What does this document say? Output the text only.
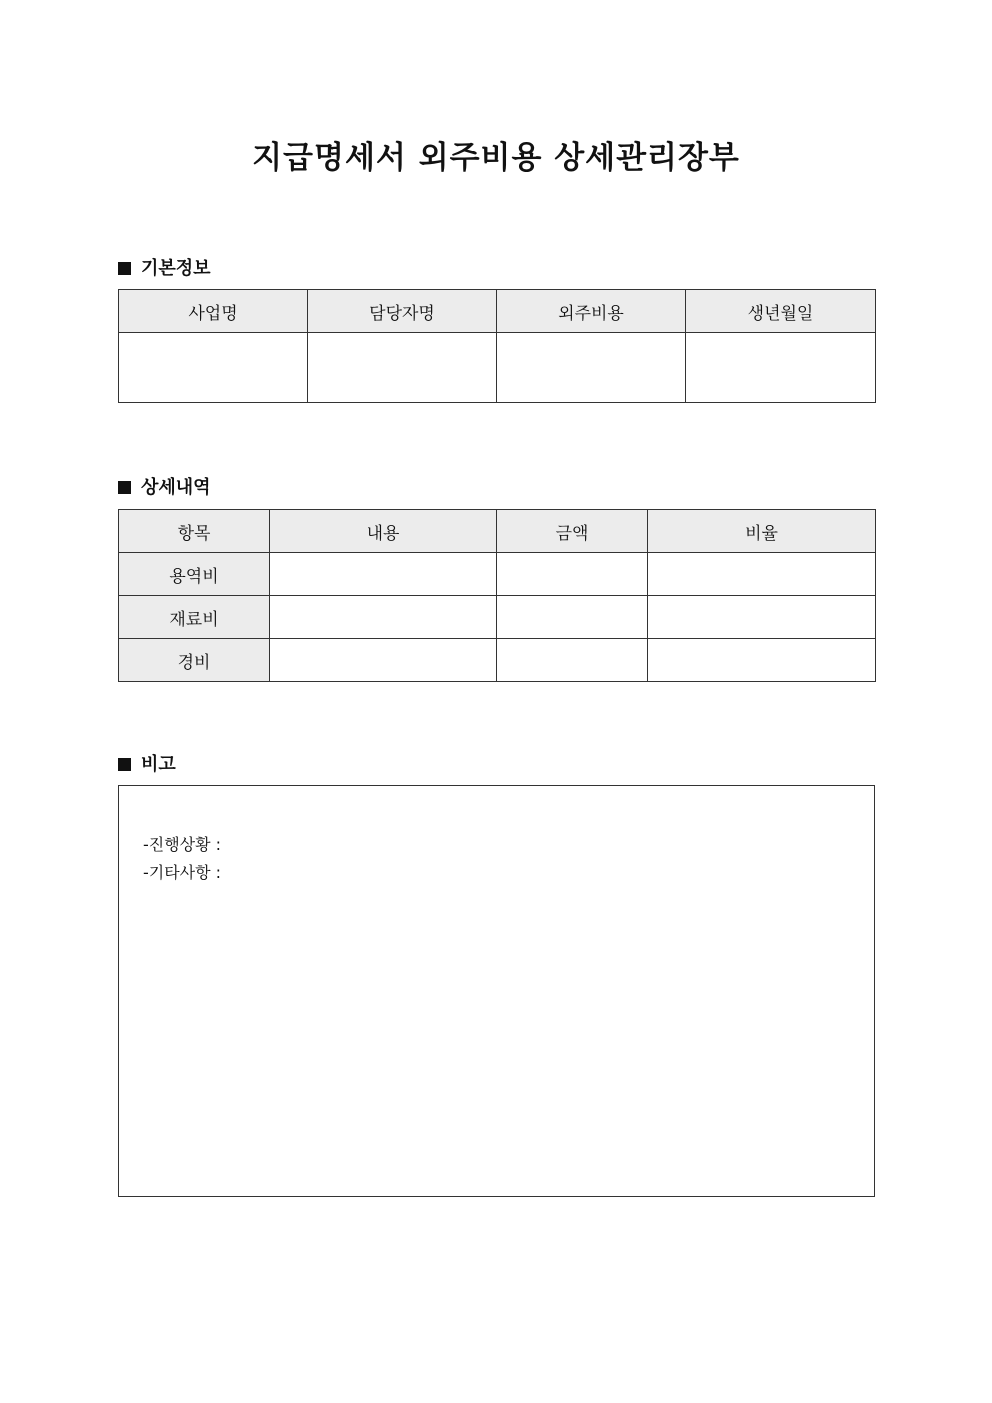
지급명세서 외주비용 상세관리장부
기본정보
사업명	담당자명	외주비용	생년월일

상세내역
항목	내용	금액	비율
용역비			
재료비			
경비			
비고
-진행상황 :
-기타사항 :
